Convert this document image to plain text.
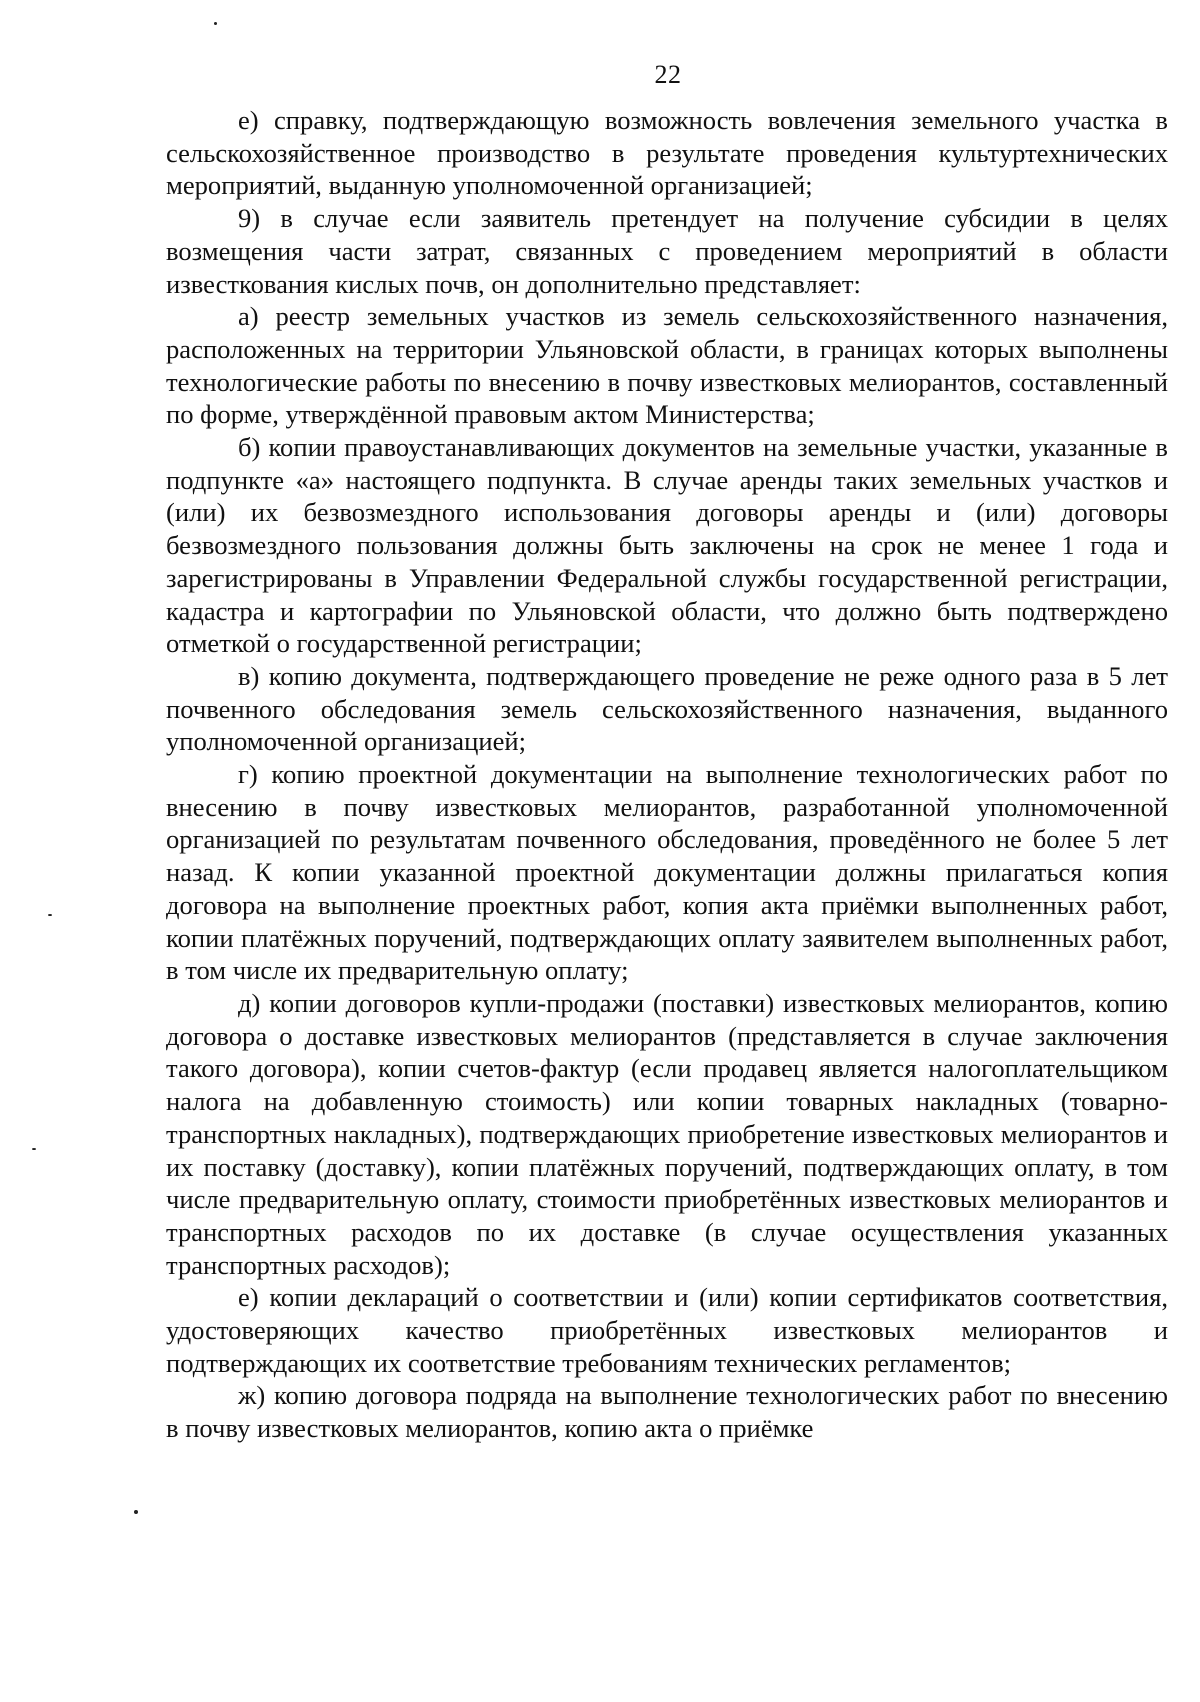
22

е) справку, подтверждающую возможность вовлечения земельного участка в сельскохозяйственное производство в результате проведения культуртехнических мероприятий, выданную уполномоченной организацией;

9) в случае если заявитель претендует на получение субсидии в целях возмещения части затрат, связанных с проведением мероприятий в области известкования кислых почв, он дополнительно представляет:

а) реестр земельных участков из земель сельскохозяйственного назначения, расположенных на территории Ульяновской области, в границах которых выполнены технологические работы по внесению в почву известковых мелиорантов, составленный по форме, утверждённой правовым актом Министерства;

б) копии правоустанавливающих документов на земельные участки, указанные в подпункте «а» настоящего подпункта. В случае аренды таких земельных участков и (или) их безвозмездного использования договоры аренды и (или) договоры безвозмездного пользования должны быть заключены на срок не менее 1 года и зарегистрированы в Управлении Федеральной службы государственной регистрации, кадастра и картографии по Ульяновской области, что должно быть подтверждено отметкой о государственной регистрации;

в) копию документа, подтверждающего проведение не реже одного раза в 5 лет почвенного обследования земель сельскохозяйственного назначения, выданного уполномоченной организацией;

г) копию проектной документации на выполнение технологических работ по внесению в почву известковых мелиорантов, разработанной уполномоченной организацией по результатам почвенного обследования, проведённого не более 5 лет назад. К копии указанной проектной документации должны прилагаться копия договора на выполнение проектных работ, копия акта приёмки выполненных работ, копии платёжных поручений, подтверждающих оплату заявителем выполненных работ, в том числе их предварительную оплату;

д) копии договоров купли-продажи (поставки) известковых мелиорантов, копию договора о доставке известковых мелиорантов (представляется в случае заключения такого договора), копии счетов-фактур (если продавец является налогоплательщиком налога на добавленную стоимость) или копии товарных накладных (товарно-транспортных накладных), подтверждающих приобретение известковых мелиорантов и их поставку (доставку), копии платёжных поручений, подтверждающих оплату, в том числе предварительную оплату, стоимости приобретённых известковых мелиорантов и транспортных расходов по их доставке (в случае осуществления указанных транспортных расходов);

е) копии деклараций о соответствии и (или) копии сертификатов соответствия, удостоверяющих качество приобретённых известковых мелиорантов и подтверждающих их соответствие требованиям технических регламентов;

ж) копию договора подряда на выполнение технологических работ по внесению в почву известковых мелиорантов, копию акта о приёмке
